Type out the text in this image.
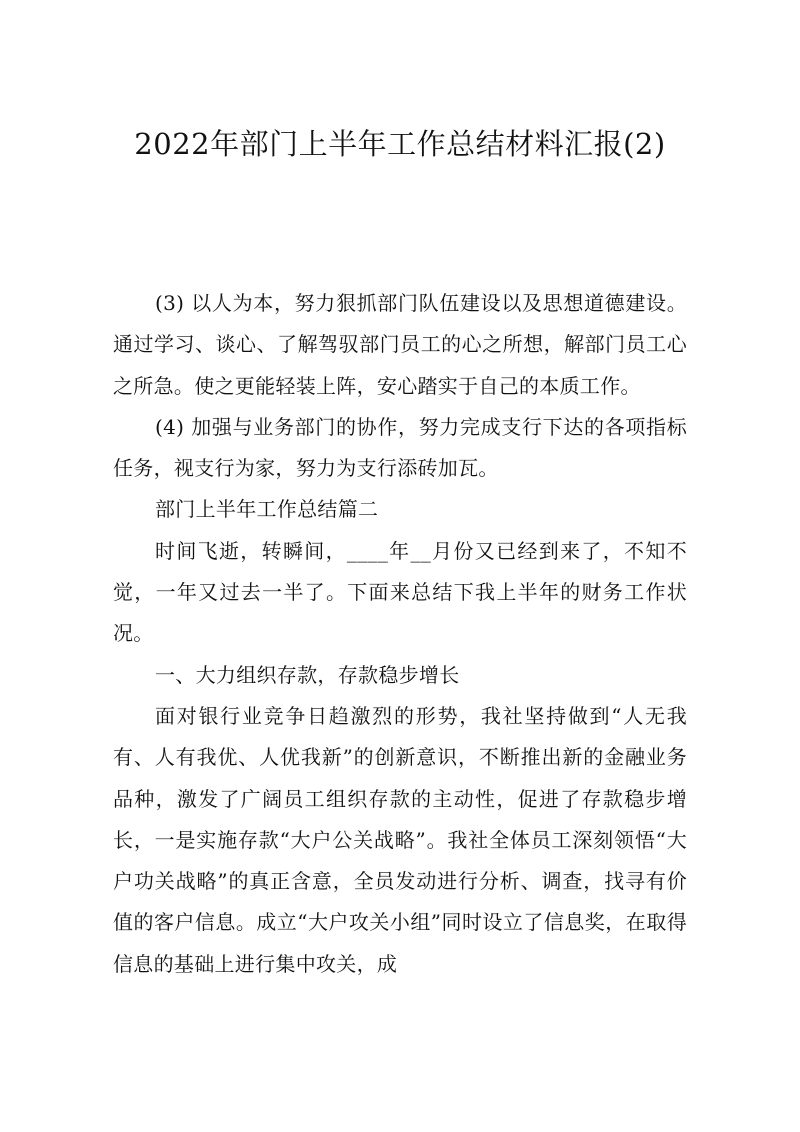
2022年部门上半年工作总结材料汇报(2)

(3) 以人为本，努力狠抓部门队伍建设以及思想道德建设。通过学习、谈心、了解驾驭部门员工的心之所想，解部门员工心之所急。使之更能轻装上阵，安心踏实于自己的本质工作。

(4) 加强与业务部门的协作，努力完成支行下达的各项指标任务，视支行为家，努力为支行添砖加瓦。

部门上半年工作总结篇二

时间飞逝，转瞬间，____年__月份又已经到来了，不知不觉，一年又过去一半了。下面来总结下我上半年的财务工作状况。

一、大力组织存款，存款稳步增长

面对银行业竞争日趋激烈的形势，我社坚持做到“人无我有、人有我优、人优我新”的创新意识，不断推出新的金融业务品种，激发了广阔员工组织存款的主动性，促进了存款稳步增长，一是实施存款“大户公关战略”。我社全体员工深刻领悟“大户功关战略”的真正含意，全员发动进行分析、调查，找寻有价值的客户信息。成立“大户攻关小组”同时设立了信息奖，在取得信息的基础上进行集中攻关，成
